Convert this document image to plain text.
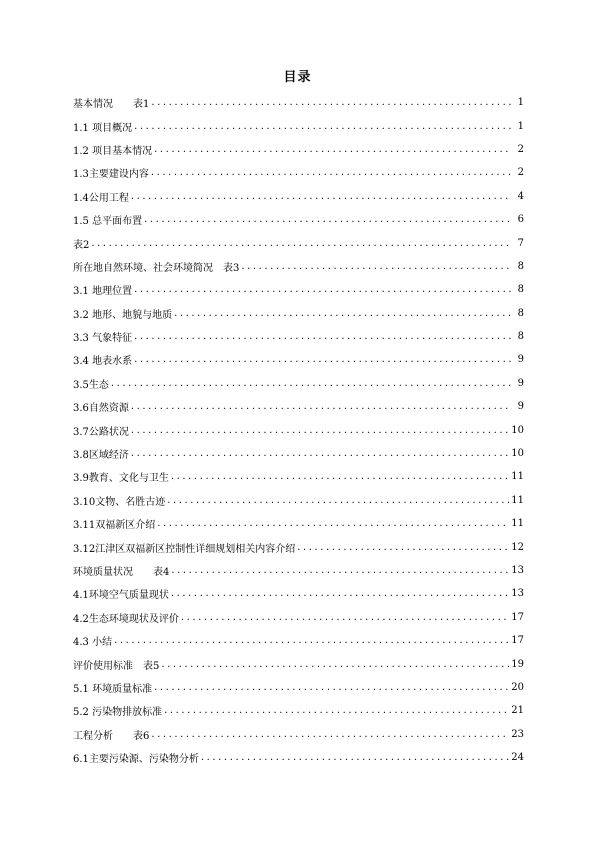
目录
基本情况　　表1 . . .	1
1.1 项目概况 . . .	1
1.2 项目基本情况 . . .	2
1.3主要建设内容 . . .	2
1.4公用工程 . . .	4
1.5 总平面布置 . . .	6
表2 . . .	7
所在地自然环境、社会环境简况　表3 . . .	8
3.1 地理位置 . . .	8
3.2 地形、地貌与地质 . . .	8
3.3 气象特征 . . .	8
3.4 地表水系 . . .	9
3.5生态 . . .	9
3.6自然资源 . . .	9
3.7公路状况 . . .	10
3.8区域经济 . . .	10
3.9教育、文化与卫生 . . .	11
3.10文物、名胜古迹 . . .	11
3.11双福新区介绍 . . .	11
3.12江津区双福新区控制性详细规划相关内容介绍 . . .	12
环境质量状况　　表4 . . .	13
4.1环境空气质量现状 . . .	13
4.2生态环境现状及评价 . . .	17
4.3 小结 . . .	17
评价使用标准　表5 . . .	19
5.1 环境质量标准 . . .	20
5.2 污染物排放标准 . . .	21
工程分析　　表6 . . .	23
6.1主要污染源、污染物分析 . . .	24
